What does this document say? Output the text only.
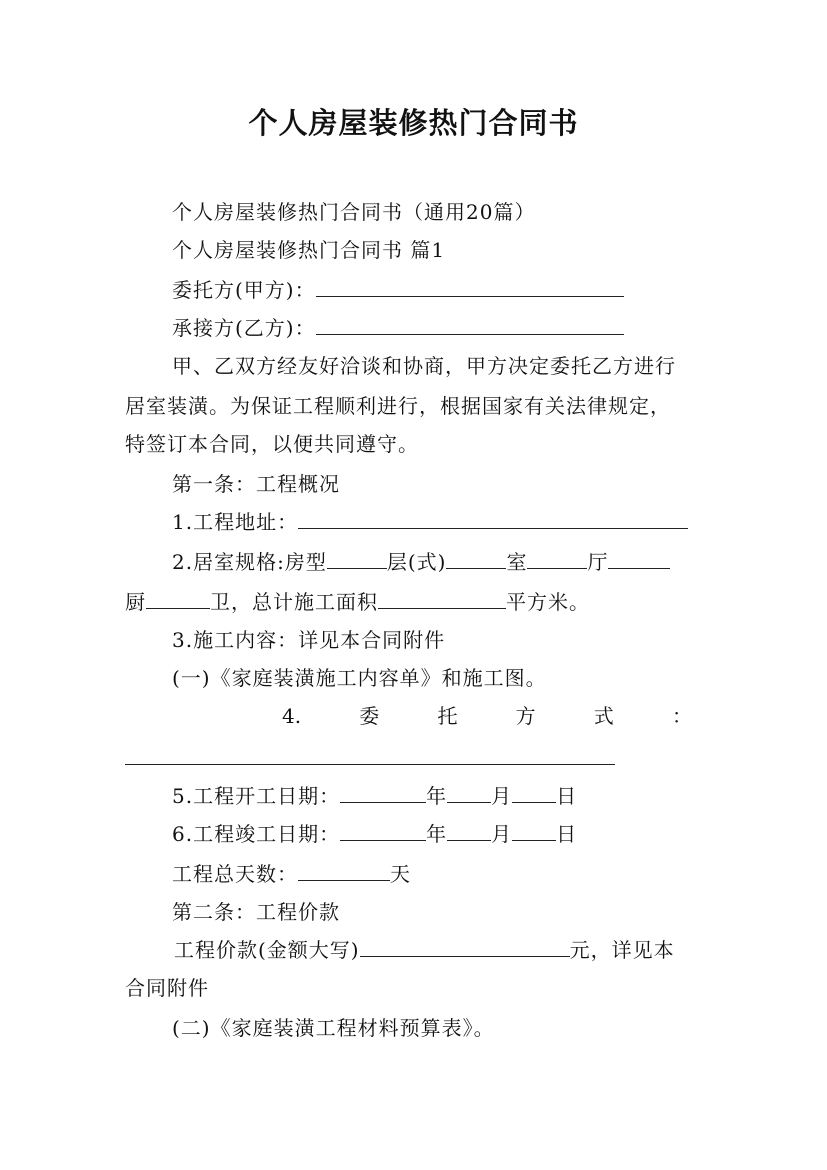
个人房屋装修热门合同书
个人房屋装修热门合同书（通用20篇）
个人房屋装修热门合同书 篇1
委托方(甲方)：
承接方(乙方)：
甲、乙双方经友好洽谈和协商，甲方决定委托乙方进行
居室装潢。为保证工程顺利进行，根据国家有关法律规定，
特签订本合同，以便共同遵守。
第一条：工程概况
1.工程地址：
2.居室规格:房型	层(式)	室	厅
厨	卫，总计施工面积	平方米。
3.施工内容：详见本合同附件
(一)《家庭装潢施工内容单》和施工图。
4.	委	托	方	式	：
5.工程开工日期：	年 月 日
6.工程竣工日期：	年 月 日
工程总天数：	天
第二条：工程价款
工程价款(金额大写)	元，详见本
合同附件
(二)《家庭装潢工程材料预算表》。
